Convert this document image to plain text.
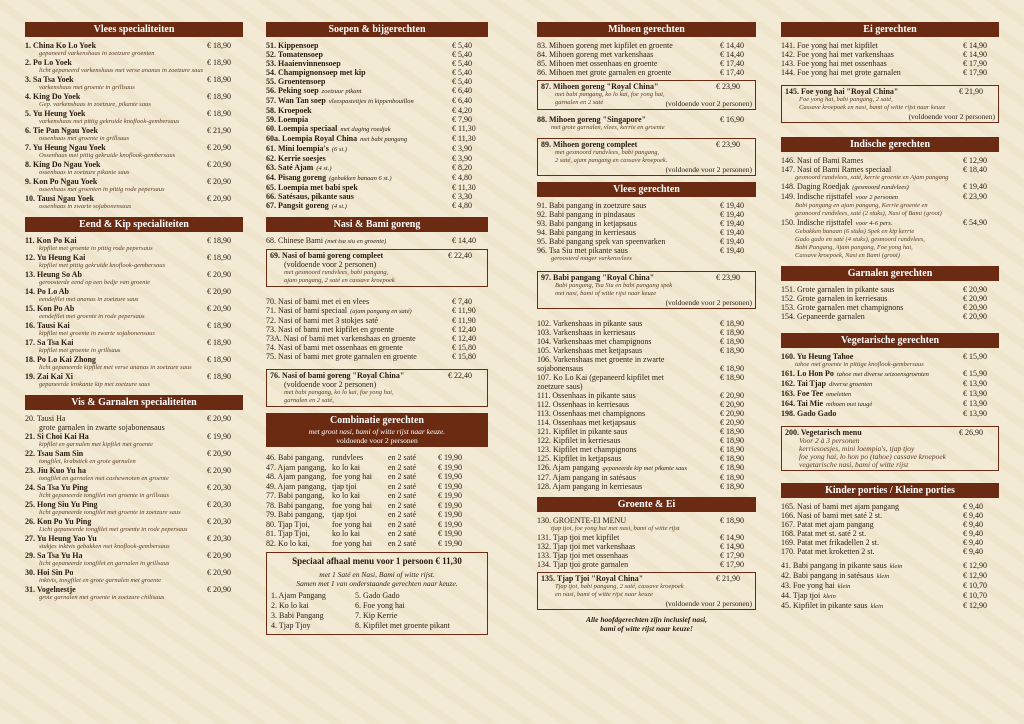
Vlees specialiteiten
1. China Ko Lo Yoek	€ 18,90
gepaneerd varkenshaas in zoetzure groenten
2. Po Lo Yoek	€ 18,90
licht gepaneerd varkenshaas met verse ananas in zoetzure saus
3. Sa Tsa Yoek	€ 18,90
varkenshaas met groente in grillsaus
4. King Do Yoek	€ 18,90
Gep. varkenshaas in zoetzure, pikante saus
5. Yu Heung Yoek	€ 18,90
varkenshaas met pittig gekruide knoflook-gembersaus
6. Tie Pan Ngau Yoek	€ 21,90
ossenhaas met groente in grillsaus
7. Yu Heung Ngau Yoek	€ 20,90
Ossenhaas met pittig gekruide knoflook-gembersaus
8. King Do Ngau Yoek	€ 20,90
ossenhaas in zoetzure pikante saus
9. Kon Po Ngau Yoek	€ 20,90
ossenhaas met groenten in pittig rode pepersaus
10. Tausi Ngau Yoek	€ 20,90
ossenhaas in zwarte sojabonensaus
Eend & Kip specialiteiten
11. Kon Po Kai	€ 18,90
kipfilet met groente in pittig rode pepersaus
12. Yu Heung Kai	€ 18,90
kipfilet met pittig gekruide knoflook-gembersaus
13. Heung So Ab	€ 20,90
geroosterde eend op een bedje van groente
14. Po Lo Ab	€ 20,90
eendefilet met ananas in zoetzure saus
15. Kon Po Ab	€ 20,90
eendefilet met groente in rode pepersaus
16. Tausi Kai	€ 18,90
kipfilet met groente in zwarte sojabonensaus
17. Sa Tsa Kai	€ 18,90
kipfilet met groente in grillsaus
18. Po Lo Kai Zhong	€ 18,90
licht gepaneerde kipfilet met verse ananas in zoetzure saus
19. Zai Kai Xi	€ 18,90
gepaneerde krokante kip met zoetzure saus
Vis & Garnalen specialiteiten
20. Tausi Ha	€ 20,90
grote garnalen in zwarte sojabonensaus
21. Si Choi Kai Ha	€ 19,90
kipfilet en garnalen met kipfilet met groente
22. Tsau Sam Sin	€ 20,90
tongfilet, krabstick en grote garnalen
23. Jiu Kuo Yu ha	€ 20,90
tongfilet en garnalen met cashewnoten en groente
24. Sa Tsa Yu Ping	€ 20,30
licht gepaneerde tongfilet met groente in grillsaus
25. Hong Siu Yu Ping	€ 20,30
licht gepaneerde tongfilet met groente in zoetzure saus
26. Kon Po Yu Ping	€ 20,30
Licht gepaneerde tongfilet met groente in rode pepersaus
27. Yu Heung Yao Yu	€ 20,30
stukjes inktvis gebakken met knoflook-gembersaus
29. Sa Tsa Yu Ha	€ 20,90
licht gepaneerde tongfilet en garnalen in grillsaus
30. Hoi Sin Po	€ 20,90
inktvis, tongfilet en grote garnalen met groente
31. Vogelnestje	€ 20,90
grote garnalen met groente in zoetzure chilisaus
Soepen & bijgerechten
51. Kippensoep	€ 5,40
52. Tomatensoep	€ 5,40
53. Haaienvinnensoep	€ 5,40
54. Champignonsoep met kip	€ 5,40
55. Groentensoep	€ 5,40
56. Peking soep zoetzuur pikant	€ 6,40
57. Wan Tan soep vleespasteitjes in kippenbouillon	€ 6,40
58. Kroepoek	€ 4,20
59. Loempia	€ 7,90
60. Loempia speciaal met daging roedjak	€ 11,30
60a. Loempia Royal China met babi pangang	€ 11,30
61. Mini loempia's (6 st.)	€ 3,90
62. Kerrie soesjes	€ 3,90
63. Saté Ajam (4 st.)	€ 8,20
64. Pisang goreng (gebakken banaan 6 st.)	€ 4,80
65. Loempia met babi spek	€ 11,30
66. Satésaus, pikante saus	€ 3,30
67. Pangsit goreng (4 st.)	€ 4,80
Nasi & Bami goreng
68. Chinese Bami (met tsa siu en groente)	€ 14,40
69. Nasi of bami goreng compleet	€ 22,40
(voldoende voor 2 personen)
met gesmoord rundvlees, babi pangang,
ajam pangang, 2 saté en cassave kroepoek
70. Nasi of bami met ei en vlees	€ 7,40
71. Nasi of bami speciaal (ajam pangang en saté)	€ 11,90
72. Nasi of bami met 3 stokjes saté	€ 11,90
73. Nasi of bami met kipfilet en groente	€ 12,40
73A. Nasi of bami met varkenshaas en groente	€ 12,40
74. Nasi of bami met ossenhaas en groente	€ 15,80
75. Nasi of bami met grote garnalen en groente	€ 15,80
76. Nasi of bami goreng "Royal China"	€ 22,40
(voldoende voor 2 personen)
met babi pangang, ko lo kai, foe yong hai,
garnalen en 2 saté,
Combinatie gerechten
met groot nasi, bami of witte rijst naar keuze.
voldoende voor 2 personen
46. Babi pangang, rundvlees	en 2 saté	€ 19,90
47. Ajam pangang, ko lo kai	en 2 saté	€ 19,90
48. Ajam pangang, foe yong hai	en 2 saté	€ 19,90
49. Ajam pangang, tjap tjoi	en 2 saté	€ 19,90
77. Babi pangang, ko lo kai	en 2 saté	€ 19,90
78. Babi pangang, foe yong hai	en 2 saté	€ 19,90
79. Babi pangang, tjap tjoi	en 2 saté	€ 19,90
80. Tjap Tjoi,	foe yong hai	en 2 saté	€ 19,90
81. Tjap Tjoi,	ko lo kai	en 2 saté	€ 19,90
82. Ko lo kai,	foe yong hai	en 2 saté	€ 19,90
Speciaal afhaal menu voor 1 persoon € 11,30
met 1 Saté en Nasi, Bami of witte rijst.
Samen met 1 van onderstaande gerechten naar keuze.
1. Ajam Pangang	5. Gado Gado
2. Ko lo kai	6. Foe yong hai
3. Babi Pangang	7. Kip Kerrie
4. Tjap Tjoy	8. Kipfilet met groente pikant
Mihoen gerechten
83. Mihoen goreng met kipfilet en groente	€ 14,40
84. Mihoen goreng met varkenshaas	€ 14,40
85. Mihoen met ossenhaas en groente	€ 17,40
86. Mihoen met grote garnalen en groente	€ 17,40
87. Mihoen goreng "Royal China"	€ 23,90
met babi pangang, ko lo kai, foe yong hai,
garnalen en 2 saté	(voldoende voor 2 personen)
88. Mihoen goreng "Singapore"	€ 16,90
met grote garnalen, vlees, kerrie en groente
89. Mihoen goreng compleet	€ 23,90
met gesmoord rundvlees, babi pangang,
2 saté, ajam pangang en cassave kroepoek.
(voldoende voor 2 personen)
Vlees gerechten
91. Babi pangang in zoetzure saus	€ 19,40
92. Babi pangang in pindasaus	€ 19,40
93. Babi pangang in ketjapsaus	€ 19,40
94. Babi pangang in kerriesaus	€ 19,40
95. Babi pangang spek van speenvarken	€ 19,40
96. Tsa Siu met pikante saus	€ 19,40
geroosterd mager varkensvlees
97. Babi pangang "Royal China"	€ 23,90
Babi pangang, Tsa Siu en babi pangang spek
met nasi, bami of witte rijst naar keuze
(voldoende voor 2 personen)
102. Varkenshaas in pikante saus	€ 18,90
103. Varkenshaas in kerriesaus	€ 18,90
104. Varkenshaas met champignons	€ 18,90
105. Varkenshaas met ketjapsaus	€ 18,90
106. Varkenshaas met groente in zwarte
sojabonensaus	€ 18,90
107. Ko Lo Kai (gepaneerd kipfilet met	€ 18,90
zoetzure saus)
111. Ossenhaas in pikante saus	€ 20,90
112. Ossenhaas in kerriesaus	€ 20,90
113. Ossenhaas met champignons	€ 20,90
114. Ossenhaas met ketjapsaus	€ 20,90
121. Kipfilet in pikante saus	€ 18,90
122. Kipfilet in kerriesaus	€ 18,90
123. Kipfilet met champignons	€ 18,90
125. Kipfilet in ketjapsaus	€ 18,90
126. Ajam pangang gepaneerde kip met pikante saus	€ 18,90
127. Ajam pangang in satésaus	€ 18,90
128. Ajam pangang in kerriesaus	€ 18,90
Groente & Ei
130. GROENTE-EI MENU	€ 18,90
tjap tjoi, foe yong hai met nasi, bami of witte rijst
131. Tjap tjoi met kipfilet	€ 14,90
132. Tjap tjoi met varkenshaas	€ 14,90
133. Tjap tjoi met ossenhaas	€ 17,90
134. Tjap tjoi grote garnalen	€ 17,90
135. Tjap Tjoi "Royal China"	€ 21,90
Tjap tjoi, babi pangang, 2 saté, cassave kroepoek
en nasi, bami of witte rijst naar keuze
(voldoende voor 2 personen)
Alle hoofdgerechten zijn inclusief nasi,
bami of witte rijst naar keuze!
Ei gerechten
141. Foe yong hai met kipfilet	€ 14,90
142. Foe yong hai met varkenshaas	€ 14,90
143. Foe yong hai met ossenhaas	€ 17,90
144. Foe yong hai met grote garnalen	€ 17,90
145. Foe yong hai "Royal China"	€ 21,90
Foe yong hai, babi pangang, 2 saté,
Cassave kroepoek en nasi, bami of witte rijst naar keuze
(voldoende voor 2 personen)
Indische gerechten
146. Nasi of Bami Rames	€ 12,90
147. Nasi of Bami Rames speciaal	€ 18,40
gesmoord rundvlees, saté, kerrie groente en Ajam pangang
148. Daging Roedjak (gesmoord rundvlees)	€ 19,40
149. Indische rijsttafel voor 2 personen	€ 23,90
Babi pangang en ajam pangang, Kerrie groente en
gesmoord rundvlees, saté (2 stuks), Nasi of Bami (groot)
150. Indische rijsttafel voor 4-6 pers.	€ 54,90
Gebakken banaan (6 stuks) Spek en kip kerrie
Gado gado en saté (4 stuks), gesmoord rundvlees,
Babi Pangang, Ajam pangang, Foe yong hai,
Cassave kroepoek, Nasi en Bami (groot)
Garnalen gerechten
151. Grote garnalen in pikante saus	€ 20,90
152. Grote garnalen in kerriesaus	€ 20,90
153. Grote garnalen met champignons	€ 20,90
154. Gepaneerde garnalen	€ 20,90
Vegetarische gerechten
160. Yu Heung Tahoe	€ 15,90
tahoe met groente in pittige knoflook-gembersaus
161. Lo Hon Po tahoe met diverse seizoensgroenten	€ 15,90
162. Tai Tjap diverse groenten	€ 13,90
163. Foe Tee omeletten	€ 13,90
164. Tai Mie mihoen met taugé	€ 13,90
198. Gado Gado	€ 13,90
200. Vegetarisch menu	€ 26,90
Voor 2 à 3 personen
kerriesoesjes, mini loempia's, tjap tjoy
foe yong hai, lo hon po (tahoe) cassave kroepoek
vegetarische nasi, bami of witte rijst
Kinder porties / Kleine porties
165. Nasi of bami met ajam pangang	€ 9,40
166. Nasi of bami met saté 2 st.	€ 9,40
167. Patat met ajam pangang	€ 9,40
168. Patat met st. saté 2 st.	€ 9,40
169. Patat met frikadellen 2 st.	€ 9,40
170. Patat met kroketten 2 st.	€ 9,40
41. Babi pangang in pikante saus klein	€ 12,90
42. Babi pangang in satésaus klein	€ 12,90
43. Foe yong hai klein	€ 10,70
44. Tjap tjoi klein	€ 10,70
45. Kipfilet in pikante saus klein	€ 12,90
